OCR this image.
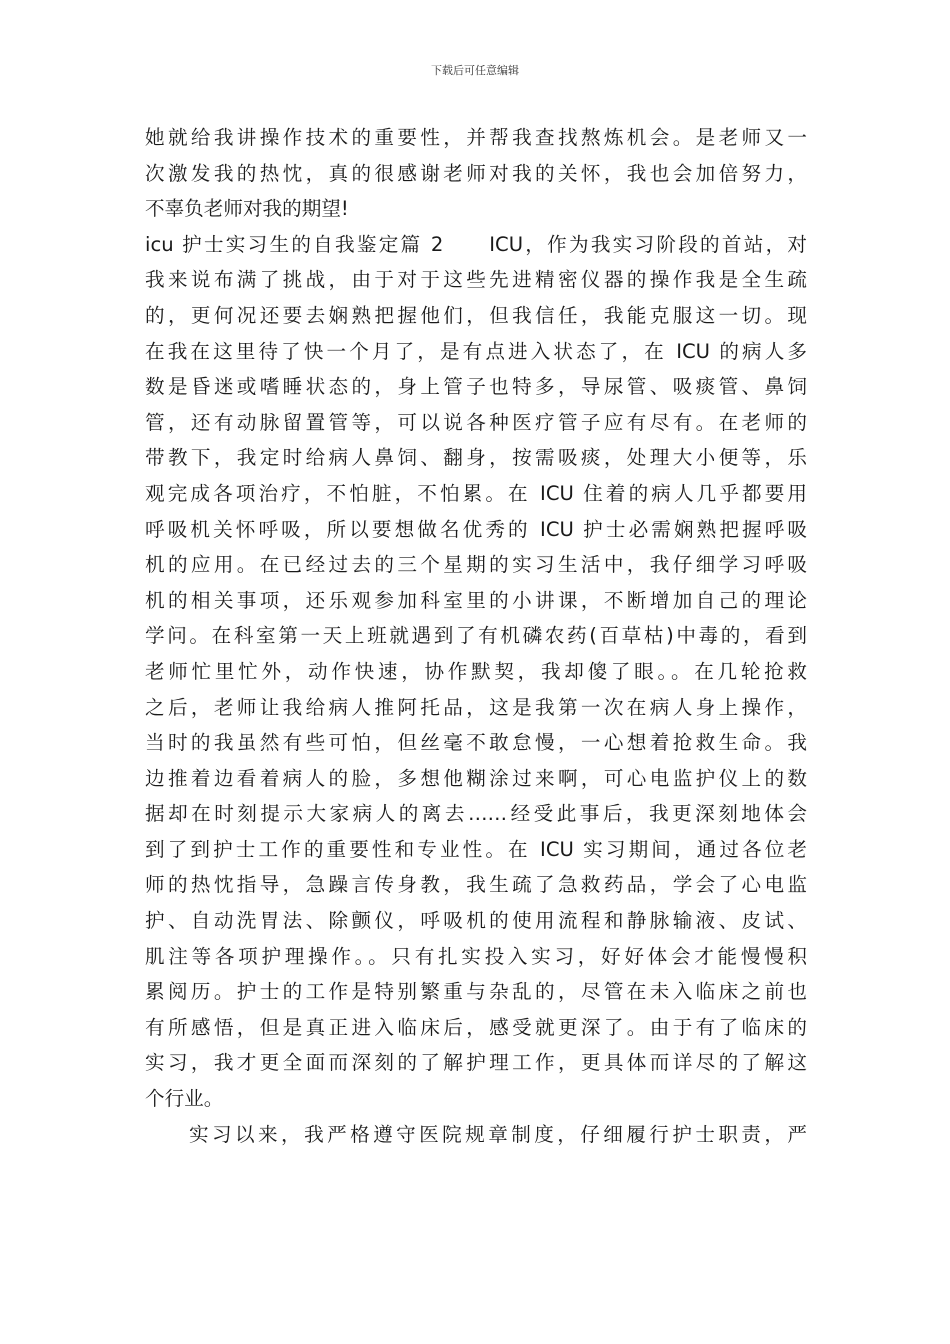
下载后可任意编辑
她就给我讲操作技术的重要性，并帮我查找熬炼机会。是老师又一
次激发我的热忱，真的很感谢老师对我的关怀，我也会加倍努力，
不辜负老师对我的期望!
icu 护士实习生的自我鉴定篇 2　　ICU，作为我实习阶段的首站，对
我来说布满了挑战，由于对于这些先进精密仪器的操作我是全生疏
的，更何况还要去娴熟把握他们，但我信任，我能克服这一切。现
在我在这里待了快一个月了，是有点进入状态了，在 ICU 的病人多
数是昏迷或嗜睡状态的，身上管子也特多，导尿管、吸痰管、鼻饲
管，还有动脉留置管等，可以说各种医疗管子应有尽有。在老师的
带教下，我定时给病人鼻饲、翻身，按需吸痰，处理大小便等，乐
观完成各项治疗，不怕脏，不怕累。在 ICU 住着的病人几乎都要用
呼吸机关怀呼吸，所以要想做名优秀的 ICU 护士必需娴熟把握呼吸
机的应用。在已经过去的三个星期的实习生活中，我仔细学习呼吸
机的相关事项，还乐观参加科室里的小讲课，不断增加自己的理论
学问。在科室第一天上班就遇到了有机磷农药(百草枯)中毒的，看到
老师忙里忙外，动作快速，协作默契，我却傻了眼。。在几轮抢救
之后，老师让我给病人推阿托品，这是我第一次在病人身上操作，
当时的我虽然有些可怕，但丝毫不敢怠慢，一心想着抢救生命。我
边推着边看着病人的脸，多想他糊涂过来啊，可心电监护仪上的数
据却在时刻提示大家病人的离去……经受此事后，我更深刻地体会
到了到护士工作的重要性和专业性。在 ICU 实习期间，通过各位老
师的热忱指导，急躁言传身教，我生疏了急救药品，学会了心电监
护、自动洗胃法、除颤仪，呼吸机的使用流程和静脉输液、皮试、
肌注等各项护理操作。。只有扎实投入实习，好好体会才能慢慢积
累阅历。护士的工作是特别繁重与杂乱的，尽管在未入临床之前也
有所感悟，但是真正进入临床后，感受就更深了。由于有了临床的
实习，我才更全面而深刻的了解护理工作，更具体而详尽的了解这
个行业。
实习以来，我严格遵守医院规章制度，仔细履行护士职责，严
